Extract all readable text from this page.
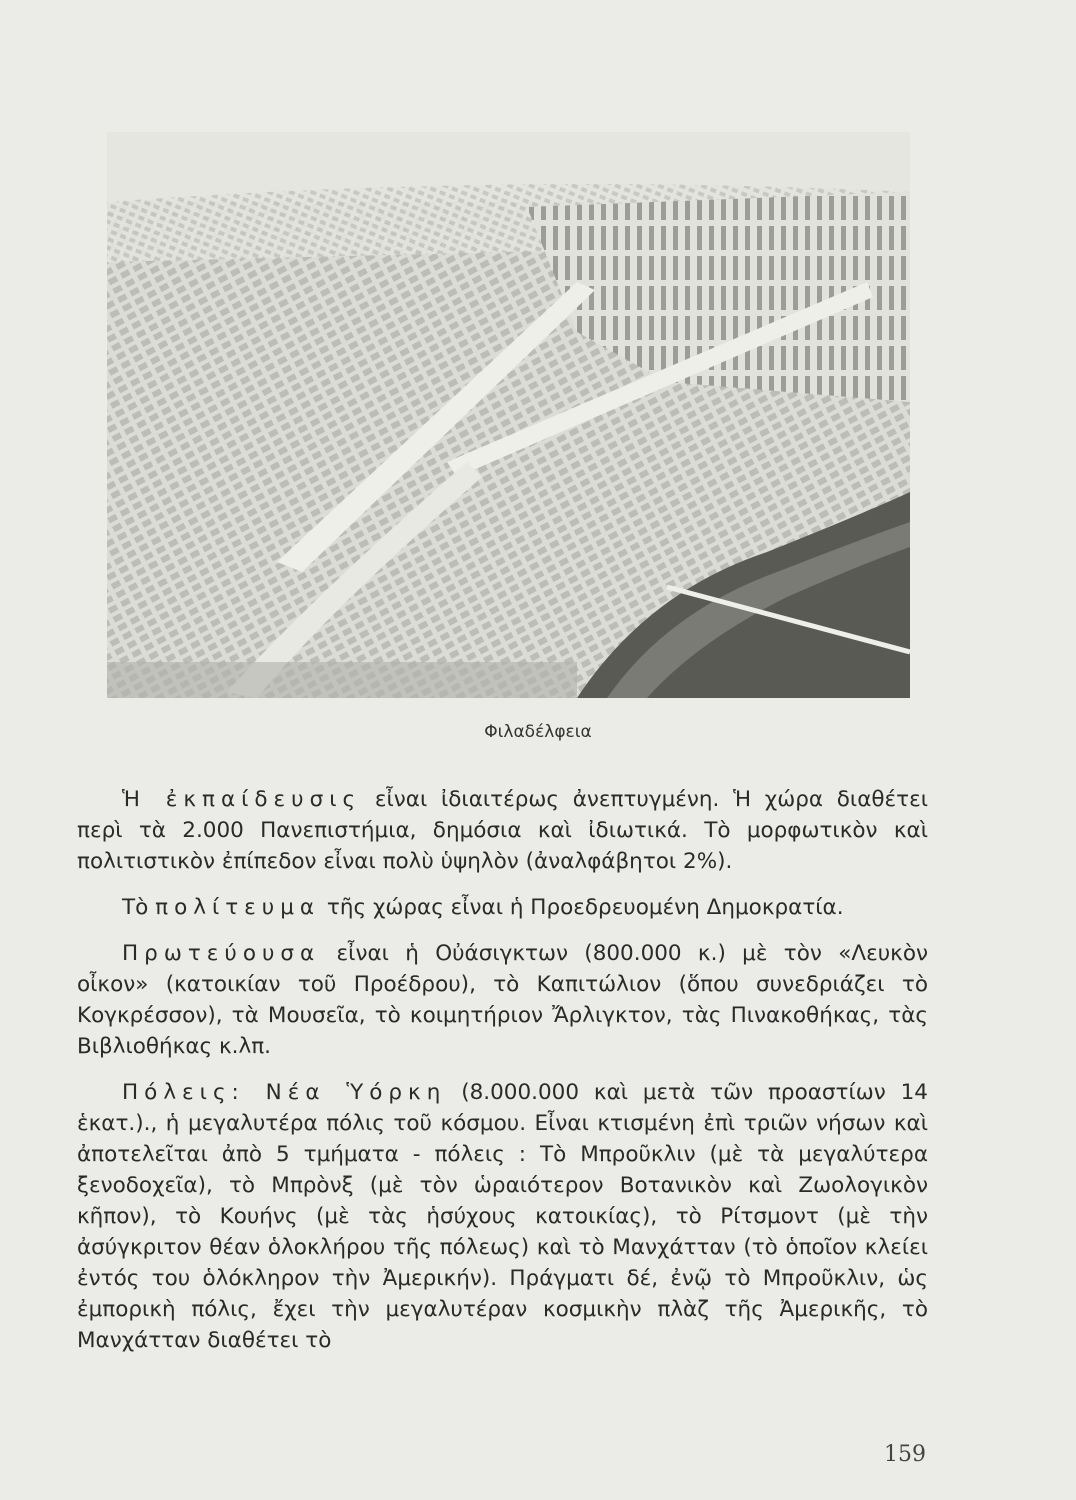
Φιλαδέλφεια

Ἡ ἐκπαίδευσις εἶναι ἰδιαιτέρως ἀνεπτυγμένη. Ἡ χώρα διαθέτει περὶ τὰ 2.000 Πανεπιστήμια, δημόσια καὶ ἰδιωτικά. Τὸ μορφωτικὸν καὶ πολιτιστικὸν ἐπίπεδον εἶναι πολὺ ὑψηλὸν (ἀναλφάβητοι 2%).

Τὸ πολίτευμα τῆς χώρας εἶναι ἡ Προεδρευομένη Δημοκρατία.

Πρωτεύουσα εἶναι ἡ Οὐάσιγκτων (800.000 κ.) μὲ τὸν «Λευκὸν οἶκον» (κατοικίαν τοῦ Προέδρου), τὸ Καπιτώλιον (ὅπου συνεδριάζει τὸ Κογκρέσσον), τὰ Μουσεῖα, τὸ κοιμητήριον Ἄρλιγκτον, τὰς Πινακοθήκας, τὰς Βιβλιοθήκας κ.λπ.

Πόλεις: Νέα Ὑόρκη (8.000.000 καὶ μετὰ τῶν προαστίων 14 ἑκατ.)., ἡ μεγαλυτέρα πόλις τοῦ κόσμου. Εἶναι κτισμένη ἐπὶ τριῶν νήσων καὶ ἀποτελεῖται ἀπὸ 5 τμήματα - πόλεις : Τὸ Μπροῦκλιν (μὲ τὰ μεγαλύτερα ξενοδοχεῖα), τὸ Μπρὸνξ (μὲ τὸν ὡραιότερον Βοτανικὸν καὶ Ζωολογικὸν κῆπον), τὸ Κουήνς (μὲ τὰς ἡσύχους κατοικίας), τὸ Ρίτσμοντ (μὲ τὴν ἀσύγκριτον θέαν ὁλοκλήρου τῆς πόλεως) καὶ τὸ Μανχάτταν (τὸ ὁποῖον κλείει ἐντός του ὁλόκληρον τὴν Ἀμερικήν). Πράγματι δέ, ἐνῷ τὸ Μπροῦκλιν, ὡς ἐμπορικὴ πόλις, ἔχει τὴν μεγαλυτέραν κοσμικὴν πλὰζ τῆς Ἀμερικῆς, τὸ Μανχάτταν διαθέτει τὸ

159
